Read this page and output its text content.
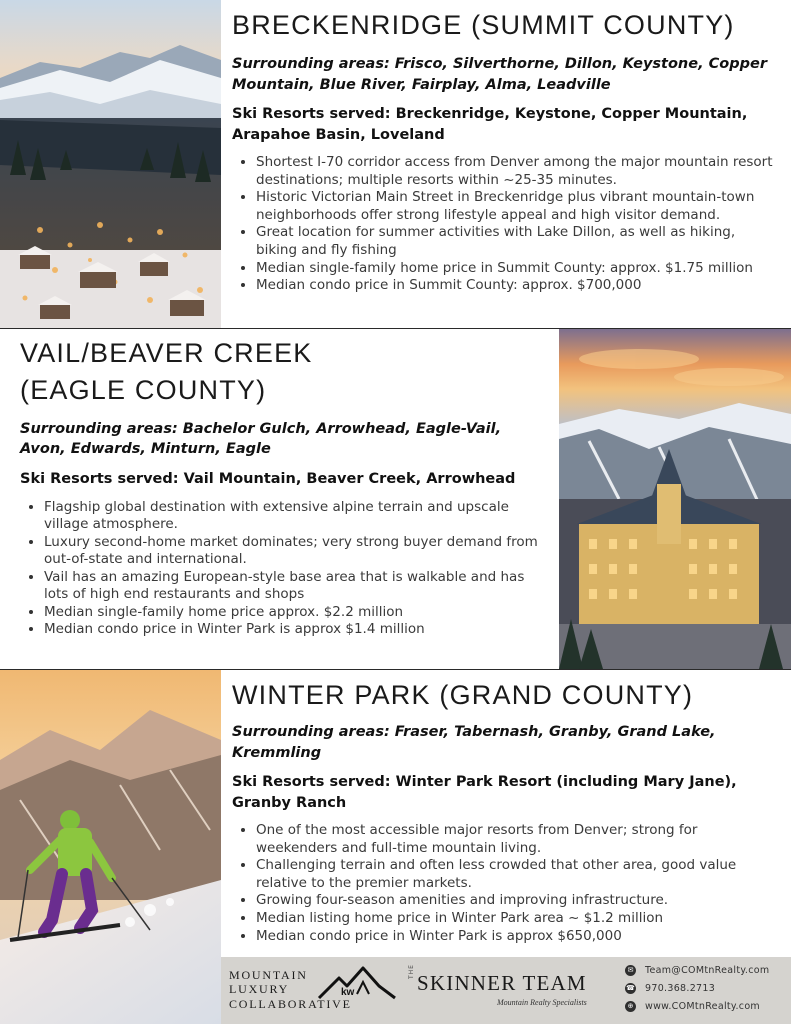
BRECKENRIDGE (SUMMIT COUNTY)

Surrounding areas: Frisco, Silverthorne, Dillon, Keystone, Copper Mountain, Blue River, Fairplay, Alma, Leadville

Ski Resorts served: Breckenridge, Keystone, Copper Mountain, Arapahoe Basin, Loveland

• Shortest I-70 corridor access from Denver among the major mountain resort destinations; multiple resorts within ~25-35 minutes.
• Historic Victorian Main Street in Breckenridge plus vibrant mountain-town neighborhoods offer strong lifestyle appeal and high visitor demand.
• Great location for summer activities with Lake Dillon, as well as hiking, biking and fly fishing
• Median single-family home price in Summit County: approx. $1.75 million
• Median condo price in Summit County: approx. $700,000
VAIL/BEAVER CREEK
(EAGLE COUNTY)

Surrounding areas: Bachelor Gulch, Arrowhead, Eagle-Vail, Avon, Edwards, Minturn, Eagle

Ski Resorts served: Vail Mountain, Beaver Creek, Arrowhead

• Flagship global destination with extensive alpine terrain and upscale village atmosphere.
• Luxury second-home market dominates; very strong buyer demand from out-of-state and international.
• Vail has an amazing European-style base area that is walkable and has lots of high end restaurants and shops
• Median single-family home price approx. $2.2 million
• Median condo price in Winter Park is approx $1.4 million
WINTER PARK (GRAND COUNTY)

Surrounding areas: Fraser, Tabernash, Granby, Grand Lake, Kremmling

Ski Resorts served: Winter Park Resort (including Mary Jane), Granby Ranch

• One of the most accessible major resorts from Denver; strong for weekenders and full-time mountain living.
• Challenging terrain and often less crowded that other area, good value relative to the premier markets.
• Growing four-season amenities and improving infrastructure.
• Median listing home price in Winter Park area ~ $1.2 million
• Median condo price in Winter Park is approx $650,000
MOUNTAIN
LUXURY
COLLABORATIVE
kw
THE SKINNER TEAM
Mountain Realty Specialists
✉ Team@COMtnRealty.com
☎ 970.368.2713
⊕ www.COMtnRealty.com
